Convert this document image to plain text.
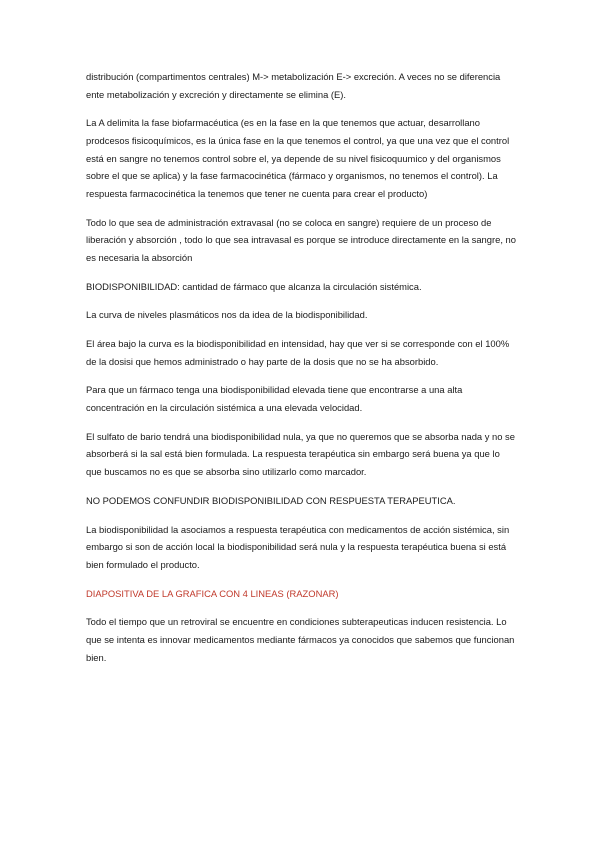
distribución (compartimentos centrales) M-> metabolización E-> excreción. A veces no se diferencia ente metabolización y excreción y directamente se elimina (E).

La A delimita la fase biofarmacéutica (es en la fase en la que tenemos que actuar, desarrollano prodcesos fisicoquímicos, es la única fase en la que tenemos el control, ya que una vez que el control está en sangre no tenemos control sobre el, ya depende de su nivel fisicoquumico y del organismos sobre el que se aplica) y la fase farmacocinética (fármaco y organismos, no tenemos el control). La respuesta farmacocinética la tenemos que tener ne cuenta para crear el producto)

Todo lo que sea de administración extravasal (no se coloca en sangre) requiere de un proceso de liberación y absorción , todo lo que sea intravasal es porque se introduce directamente en la sangre, no es necesaria la absorción

BIODISPONIBILIDAD: cantidad de fármaco que alcanza la circulación sistémica.

La curva de niveles plasmáticos nos da idea de la biodisponibilidad.

El área bajo la curva es la biodisponibilidad en intensidad, hay que ver si se corresponde con el 100% de la dosisi que hemos administrado o hay parte de la dosis que no se ha absorbido.

Para que un fármaco tenga una biodisponibilidad elevada tiene que encontrarse a una alta concentración en la circulación sistémica a una elevada velocidad.

El sulfato de bario tendrá una biodisponibilidad nula, ya que no queremos que se absorba nada y no se absorberá si la sal está bien formulada. La respuesta terapéutica sin embargo será buena ya que lo que buscamos no es que se absorba sino utilizarlo como marcador.

NO PODEMOS CONFUNDIR BIODISPONIBILIDAD CON RESPUESTA TERAPEUTICA.

La biodisponibilidad la asociamos a respuesta terapéutica con medicamentos de acción sistémica, sin embargo si son de acción local la biodisponibilidad será nula y la respuesta terapéutica buena si está bien formulado el producto.

DIAPOSITIVA DE LA GRAFICA CON 4 LINEAS (RAZONAR)

Todo el tiempo que un retroviral se encuentre en condiciones subterapeuticas inducen resistencia. Lo que se intenta es innovar medicamentos mediante fármacos ya conocidos que sabemos que funcionan bien.
